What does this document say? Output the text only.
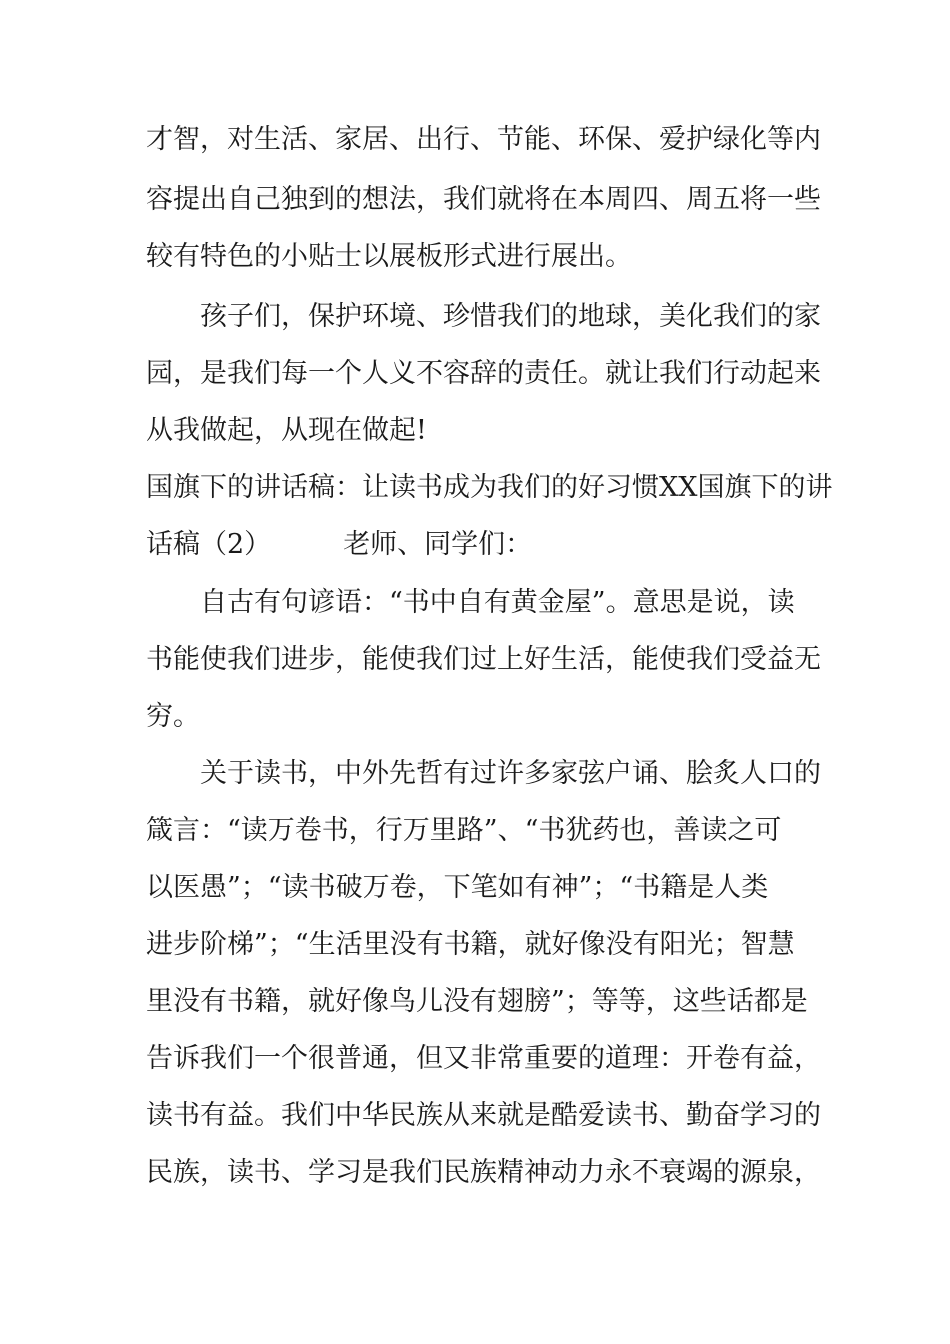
才智，对生活、家居、出行、节能、环保、爱护绿化等内
容提出自己独到的想法，我们就将在本周四、周五将一些
较有特色的小贴士以展板形式进行展出。
孩子们，保护环境、珍惜我们的地球，美化我们的家
园，是我们每一个人义不容辞的责任。就让我们行动起来
从我做起，从现在做起!
国旗下的讲话稿：让读书成为我们的好习惯XX国旗下的讲
话稿（2）	老师、同学们：
自古有句谚语：“书中自有黄金屋”。意思是说，读
书能使我们进步，能使我们过上好生活，能使我们受益无
穷。
关于读书，中外先哲有过许多家弦户诵、脍炙人口的
箴言：“读万卷书，行万里路”、“书犹药也，善读之可
以医愚”；“读书破万卷，下笔如有神”；“书籍是人类
进步阶梯”；“生活里没有书籍，就好像没有阳光；智慧
里没有书籍，就好像鸟儿没有翅膀”；等等，这些话都是
告诉我们一个很普通，但又非常重要的道理：开卷有益，
读书有益。我们中华民族从来就是酷爱读书、勤奋学习的
民族，读书、学习是我们民族精神动力永不衰竭的源泉，
